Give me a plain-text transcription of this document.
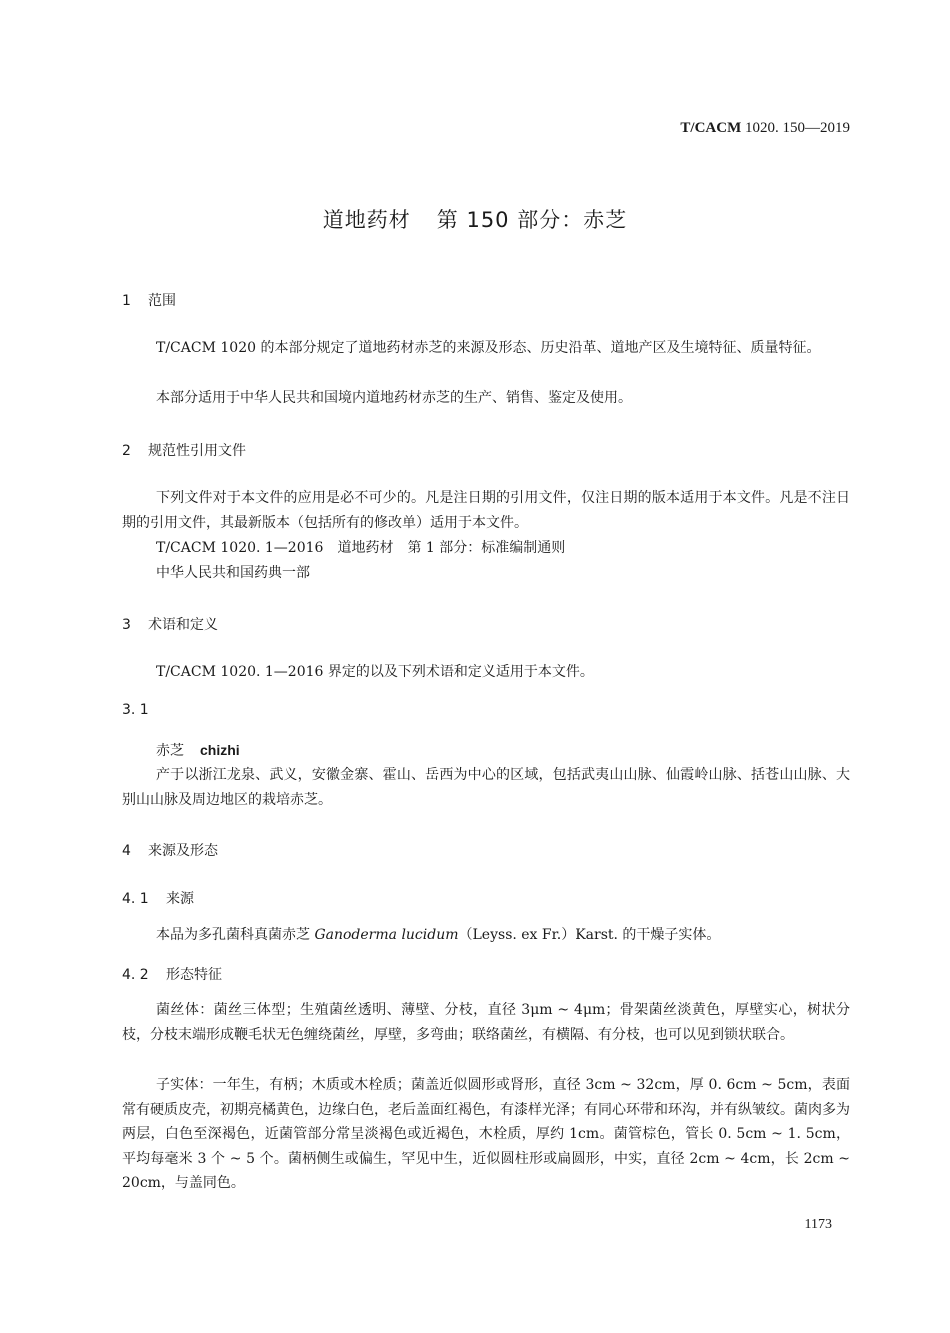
T/CACM 1020. 150—2019
道地药材 第 150 部分：赤芝
1 范围
T/CACM 1020 的本部分规定了道地药材赤芝的来源及形态、历史沿革、道地产区及生境特征、质量特征。
本部分适用于中华人民共和国境内道地药材赤芝的生产、销售、鉴定及使用。
2 规范性引用文件
下列文件对于本文件的应用是必不可少的。凡是注日期的引用文件，仅注日期的版本适用于本文件。凡是不注日期的引用文件，其最新版本（包括所有的修改单）适用于本文件。
T/CACM 1020. 1—2016　道地药材　第 1 部分：标准编制通则
中华人民共和国药典一部
3 术语和定义
T/CACM 1020. 1—2016 界定的以及下列术语和定义适用于本文件。
3. 1
赤芝 chizhi
产于以浙江龙泉、武义，安徽金寨、霍山、岳西为中心的区域，包括武夷山山脉、仙霞岭山脉、括苍山山脉、大别山山脉及周边地区的栽培赤芝。
4 来源及形态
4. 1 来源
本品为多孔菌科真菌赤芝 Ganoderma lucidum（Leyss. ex Fr.）Karst. 的干燥子实体。
4. 2 形态特征
菌丝体：菌丝三体型；生殖菌丝透明、薄壁、分枝，直径 3μm ~ 4μm；骨架菌丝淡黄色，厚壁实心，树状分枝，分枝末端形成鞭毛状无色缠绕菌丝，厚壁，多弯曲；联络菌丝，有横隔、有分枝，也可以见到锁状联合。
子实体：一年生，有柄；木质或木栓质；菌盖近似圆形或肾形，直径 3cm ~ 32cm，厚 0. 6cm ~ 5cm，表面常有硬质皮壳，初期亮橘黄色，边缘白色，老后盖面红褐色，有漆样光泽；有同心环带和环沟，并有纵皱纹。菌肉多为两层，白色至深褐色，近菌管部分常呈淡褐色或近褐色，木栓质，厚约 1cm。菌管棕色，管长 0. 5cm ~ 1. 5cm，平均每毫米 3 个 ~ 5 个。菌柄侧生或偏生，罕见中生，近似圆柱形或扁圆形，中实，直径 2cm ~ 4cm，长 2cm ~ 20cm，与盖同色。
1173
